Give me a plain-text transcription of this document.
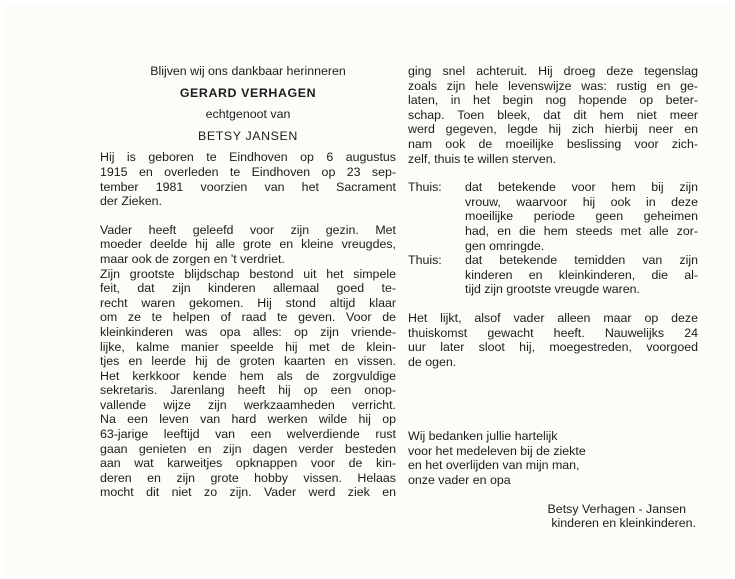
Blijven wij ons dankbaar herinneren

GERARD VERHAGEN

echtgenoot van

BETSY JANSEN

Hij is geboren te Eindhoven op 6 augustus

1915 en overleden te Eindhoven op 23 sep-

tember 1981 voorzien van het Sacrament

der Zieken.

Vader heeft geleefd voor zijn gezin. Met

moeder deelde hij alle grote en kleine vreugdes,

maar ook de zorgen en 't verdriet.

Zijn grootste blijdschap bestond uit het simpele

feit, dat zijn kinderen allemaal goed te-

recht waren gekomen. Hij stond altijd klaar

om ze te helpen of raad te geven. Voor de

kleinkinderen was opa alles: op zijn vriende-

lijke, kalme manier speelde hij met de klein-

tjes en leerde hij de groten kaarten en vissen.

Het kerkkoor kende hem als de zorgvuldige

sekretaris. Jarenlang heeft hij op een onop-

vallende wijze zijn werkzaamheden verricht.

Na een leven van hard werken wilde hij op

63-jarige leeftijd van een welverdiende rust

gaan genieten en zijn dagen verder besteden

aan wat karweitjes opknappen voor de kin-

deren en zijn grote hobby vissen. Helaas

mocht dit niet zo zijn. Vader werd ziek en

ging snel achteruit. Hij droeg deze tegenslag

zoals zijn hele levenswijze was: rustig en ge-

laten, in het begin nog hopende op beter-

schap. Toen bleek, dat dit hem niet meer

werd gegeven, legde hij zich hierbij neer en

nam ook de moeilijke beslissing voor zich-

zelf, thuis te willen sterven.

Thuis:	dat betekende voor hem bij zijn

vrouw, waarvoor hij ook in deze

moeilijke periode geen geheimen

had, en die hem steeds met alle zor-

gen omringde.

Thuis:	dat betekende temidden van zijn

kinderen en kleinkinderen, die al-

tijd zijn grootste vreugde waren.

Het lijkt, alsof vader alleen maar op deze

thuiskomst gewacht heeft. Nauwelijks 24

uur later sloot hij, moegestreden, voorgoed

de ogen.

Wij bedanken jullie hartelijk

voor het medeleven bij de ziekte

en het overlijden van mijn man,

onze vader en opa

Betsy Verhagen - Jansen

kinderen en kleinkinderen.
